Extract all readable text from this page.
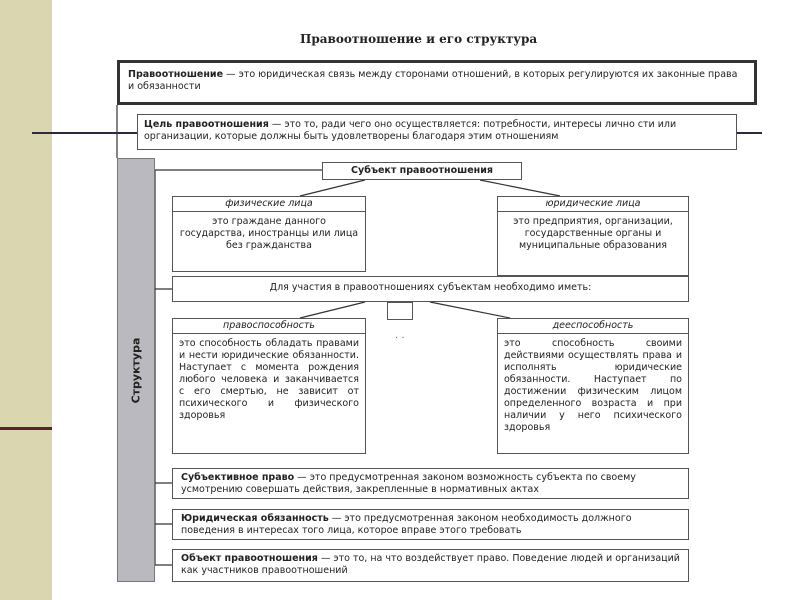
Правоотношение и его структура
Правоотношение — это юридическая связь между сторонами отношений, в которых регулируются их законные права и обязанности
Цель правоотношения — это то, ради чего оно осуществляется: потребности, интересы лично сти или организации, которые должны быть удовлетворены благодаря этим отношениям
Структура
Субъект правоотношения
физические лица
это граждане данного государства, иностранцы или лица без гражданства
юридические лица
это предприятия, организации, государственные органы и муниципальные образования
Для участия в правоотношениях субъектам необходимо иметь:
. .
правоспособность
это способность обладать правами и нести юридические обязанности. Наступает с момента рождения любого человека и заканчивается с его смертью, не зависит от психического и физического здоровья
дееспособность
это способность своими действиями осуществлять права и исполнять юридические обязанности. Наступает по достижении физическим лицом определенного возраста и при наличии у него психического здоровья
Субъективное право — это предусмотренная законом возможность субъекта по своему усмотрению совершать действия, закрепленные в нормативных актах
Юридическая обязанность — это предусмотренная законом необходимость должного поведения в интересах того лица, которое вправе этого требовать
Объект правоотношения — это то, на что воздействует право. Поведение людей и организаций как участников правоотношений
